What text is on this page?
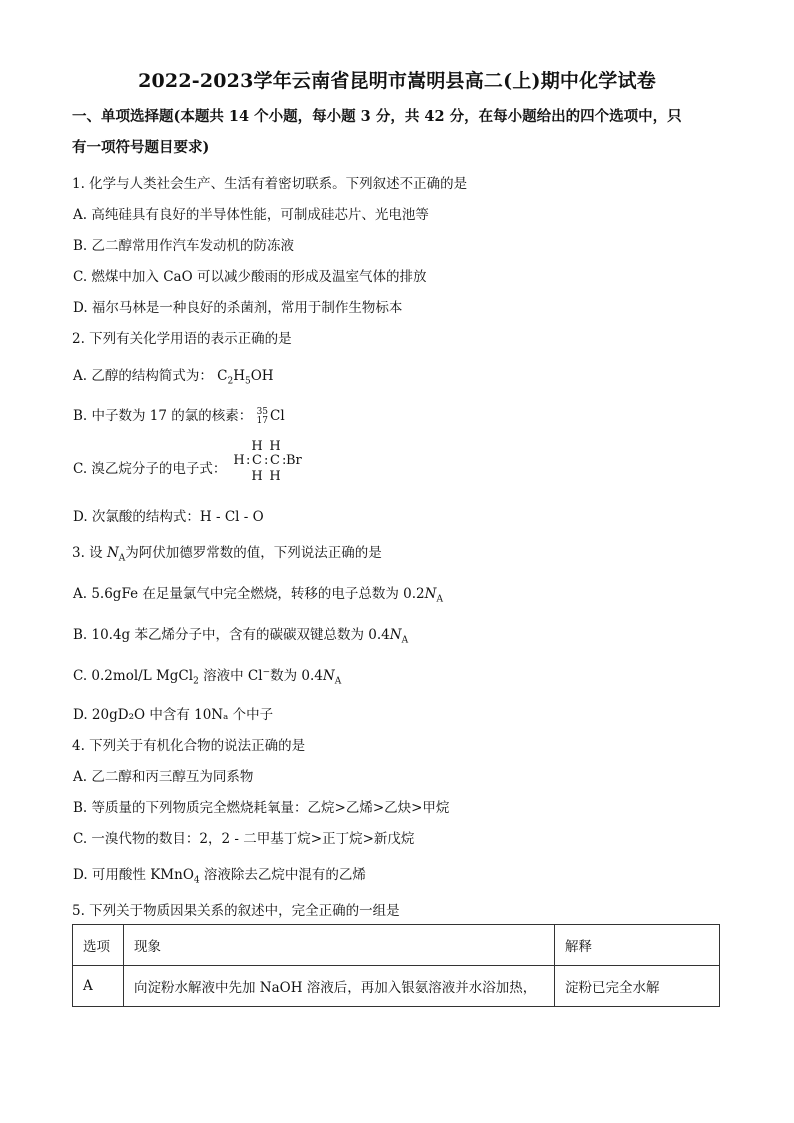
2022-2023学年云南省昆明市嵩明县高二(上)期中化学试卷
一、单项选择题(本题共 14 个小题，每小题 3 分，共 42 分，在每小题给出的四个选项中，只
有一项符号题目要求)
1. 化学与人类社会生产、生活有着密切联系。下列叙述不正确的是
A. 高纯硅具有良好的半导体性能，可制成硅芯片、光电池等
B. 乙二醇常用作汽车发动机的防冻液
C. 燃煤中加入 CaO 可以减少酸雨的形成及温室气体的排放
D. 福尔马林是一种良好的杀菌剂，常用于制作生物标本
2. 下列有关化学用语的表示正确的是
A. 乙醇的结构简式为： $C_2H_5OH$
B. 中子数为 17 的氯的核素： 35
17 Cl
C. 溴乙烷分子的电子式：
H H
H : C : C : Br
H H
D. 次氯酸的结构式：H - Cl - O
3. 设 $N_A$为阿伏加德罗常数的值，下列说法正确的是
A. 5.6gFe 在足量氯气中完全燃烧，转移的电子总数为 $0.2N_A$
B. 10.4g 苯乙烯分子中，含有的碳碳双键总数为 $0.4N_A$
C. 0.2mol/L MgCl$_2$ 溶液中 Cl−数为 $0.4N_A$
D. 20gD₂O 中含有 10Nₐ 个中子
4. 下列关于有机化合物的说法正确的是
A. 乙二醇和丙三醇互为同系物
B. 等质量的下列物质完全燃烧耗氧量：乙烷>乙烯>乙炔>甲烷
C. 一溴代物的数目：2，2 - 二甲基丁烷>正丁烷>新戊烷
D. 可用酸性 KMnO$_4$ 溶液除去乙烷中混有的乙烯
5. 下列关于物质因果关系的叙述中，完全正确的一组是
选项	现象	解释
A	向淀粉水解液中先加 NaOH 溶液后，再加入银氨溶液并水浴加热，	淀粉已完全水解
